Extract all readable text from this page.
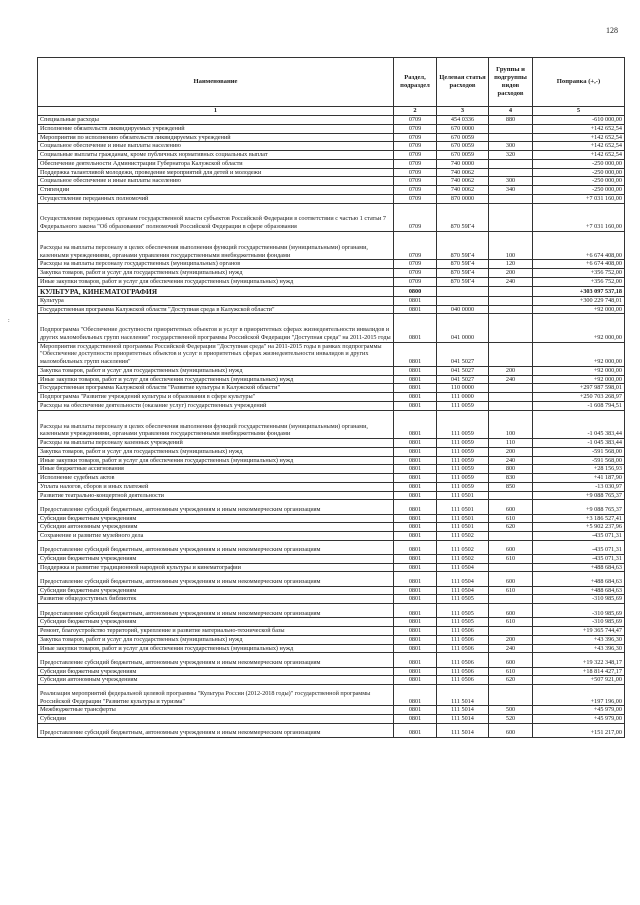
128
:
Наименование	Раздел, подраздел	Целевая статья расходов	Группы и подгруппы видов расходов	Поправка (+,-)
1	2	3	4	5
Специальные расходы	0709	454 0336	880	-610 000,00
Исполнение обязательств ликвидируемых учреждений	0709	670 0000		+142 652,54
Мероприятия по исполнению обязательств ликвидируемых учреждений	0709	670 0059		+142 652,54
Социальное обеспечение и иные выплаты населению	0709	670 0059	300	+142 652,54
Социальные выплаты гражданам, кроме публичных нормативных социальных выплат	0709	670 0059	320	+142 652,54
Обеспечение деятельности Администрации Губернатора Калужской области	0709	740 0000		-250 000,00
Поддержка талантливой молодежи, проведение мероприятий для детей и молодежи	0709	740 0062		-250 000,00
Социальное обеспечение и иные выплаты населению	0709	740 0062	300	-250 000,00
Стипендии	0709	740 0062	340	-250 000,00
Осуществление переданных полномочий	0709	870 0000		+7 031 160,00
Осуществление переданных органам государственной власти субъектов Российской Федерации в соответствии с частью 1 статьи 7 Федерального закона "Об образовании" полномочий Российской Федерации в сфере образования	0709	870 59Г4		+7 031 160,00
Расходы на выплаты персоналу в целях обеспечения выполнения функций государственными (муниципальными) органами, казенными учреждениями, органами управления государственными внебюджетными фондами	0709	870 59Г4	100	+6 674 408,00
Расходы на выплаты персоналу государственных (муниципальных) органов	0709	870 59Г4	120	+6 674 408,00
Закупка товаров, работ и услуг для государственных (муниципальных) нужд	0709	870 59Г4	200	+356 752,00
Иные закупки товаров, работ и услуг для обеспечения государственных (муниципальных) нужд	0709	870 59Г4	240	+356 752,00
КУЛЬТУРА, КИНЕМАТОГРАФИЯ	0800			+303 097 537,18
Культура	0801			+300 229 748,01
Государственная программа Калужской области "Доступная среда в Калужской области"	0801	040 0000		+92 000,00
Подпрограмма "Обеспечение доступности приоритетных объектов и услуг в приоритетных сферах жизнедеятельности инвалидов и других маломобильных групп населения" государственной программы Российской Федерации "Доступная среда" на 2011-2015 годы	0801	041 0000		+92 000,00
Мероприятия государственной программы Российской Федерации "Доступная среда" на 2011-2015 годы в рамках подпрограммы "Обеспечение доступности приоритетных объектов и услуг в приоритетных сферах жизнедеятельности инвалидов и других маломобильных групп населения"	0801	041 5027		+92 000,00
Закупка товаров, работ и услуг для государственных (муниципальных) нужд	0801	041 5027	200	+92 000,00
Иные закупки товаров, работ и услуг для обеспечения государственных (муниципальных) нужд	0801	041 5027	240	+92 000,00
Государственная программа Калужской области "Развитие культуры в Калужской области"	0801	110 0000		+297 987 598,01
Подпрограмма "Развитие учреждений культуры и образования в сфере культуры"	0801	111 0000		+250 703 268,97
Расходы на обеспечение деятельности (оказание услуг) государственных учреждений	0801	111 0059		-1 608 794,51
Расходы на выплаты персоналу в целях обеспечения выполнения функций государственными (муниципальными) органами, казенными учреждениями, органами управления государственными внебюджетными фондами	0801	111 0059	100	-1 045 383,44
Расходы на выплаты персоналу казенных учреждений	0801	111 0059	110	-1 045 383,44
Закупка товаров, работ и услуг для государственных (муниципальных) нужд	0801	111 0059	200	-591 568,00
Иные закупки товаров, работ и услуг для обеспечения государственных (муниципальных) нужд	0801	111 0059	240	-591 568,00
Иные бюджетные ассигнования	0801	111 0059	800	+28 156,93
Исполнение судебных актов	0801	111 0059	830	+41 187,90
Уплата налогов, сборов и иных платежей	0801	111 0059	850	-13 030,97
Развитие театрально-концертной деятельности	0801	111 0501		+9 088 765,37
Предоставление субсидий бюджетным, автономным учреждениям и иным некоммерческим организациям	0801	111 0501	600	+9 088 765,37
Субсидии бюджетным учреждениям	0801	111 0501	610	+3 186 527,41
Субсидии автономным учреждениям	0801	111 0501	620	+5 902 237,96
Сохранение и развитие музейного дела	0801	111 0502		-435 071,31
Предоставление субсидий бюджетным, автономным учреждениям и иным некоммерческим организациям	0801	111 0502	600	-435 071,31
Субсидии бюджетным учреждениям	0801	111 0502	610	-435 071,31
Поддержка и развитие традиционной народной культуры и кинематографии	0801	111 0504		+488 684,63
Предоставление субсидий бюджетным, автономным учреждениям и иным некоммерческим организациям	0801	111 0504	600	+488 684,63
Субсидии бюджетным учреждениям	0801	111 0504	610	+488 684,63
Развитие общедоступных библиотек	0801	111 0505		-310 985,69
Предоставление субсидий бюджетным, автономным учреждениям и иным некоммерческим организациям	0801	111 0505	600	-310 985,69
Субсидии бюджетным учреждениям	0801	111 0505	610	-310 985,69
Ремонт, благоустройство территорий, укрепление и развитие материально-технической базы	0801	111 0506		+19 365 744,47
Закупка товаров, работ и услуг для государственных (муниципальных) нужд	0801	111 0506	200	+43 396,30
Иные закупки товаров, работ и услуг для обеспечения государственных (муниципальных) нужд	0801	111 0506	240	+43 396,30
Предоставление субсидий бюджетным, автономным учреждениям и иным некоммерческим организациям	0801	111 0506	600	+19 322 348,17
Субсидии бюджетным учреждениям	0801	111 0506	610	+18 814 427,17
Субсидии автономным учреждениям	0801	111 0506	620	+507 921,00
Реализация мероприятий федеральной целевой программы "Культура России (2012-2018 годы)" государственной программы Российской Федерации "Развитие культуры и туризма"	0801	111 5014		+197 196,00
Межбюджетные трансферты	0801	111 5014	500	+45 979,00
Субсидии	0801	111 5014	520	+45 979,00
Предоставление субсидий бюджетным, автономным учреждениям и иным некоммерческим организациям	0801	111 5014	600	+151 217,00
